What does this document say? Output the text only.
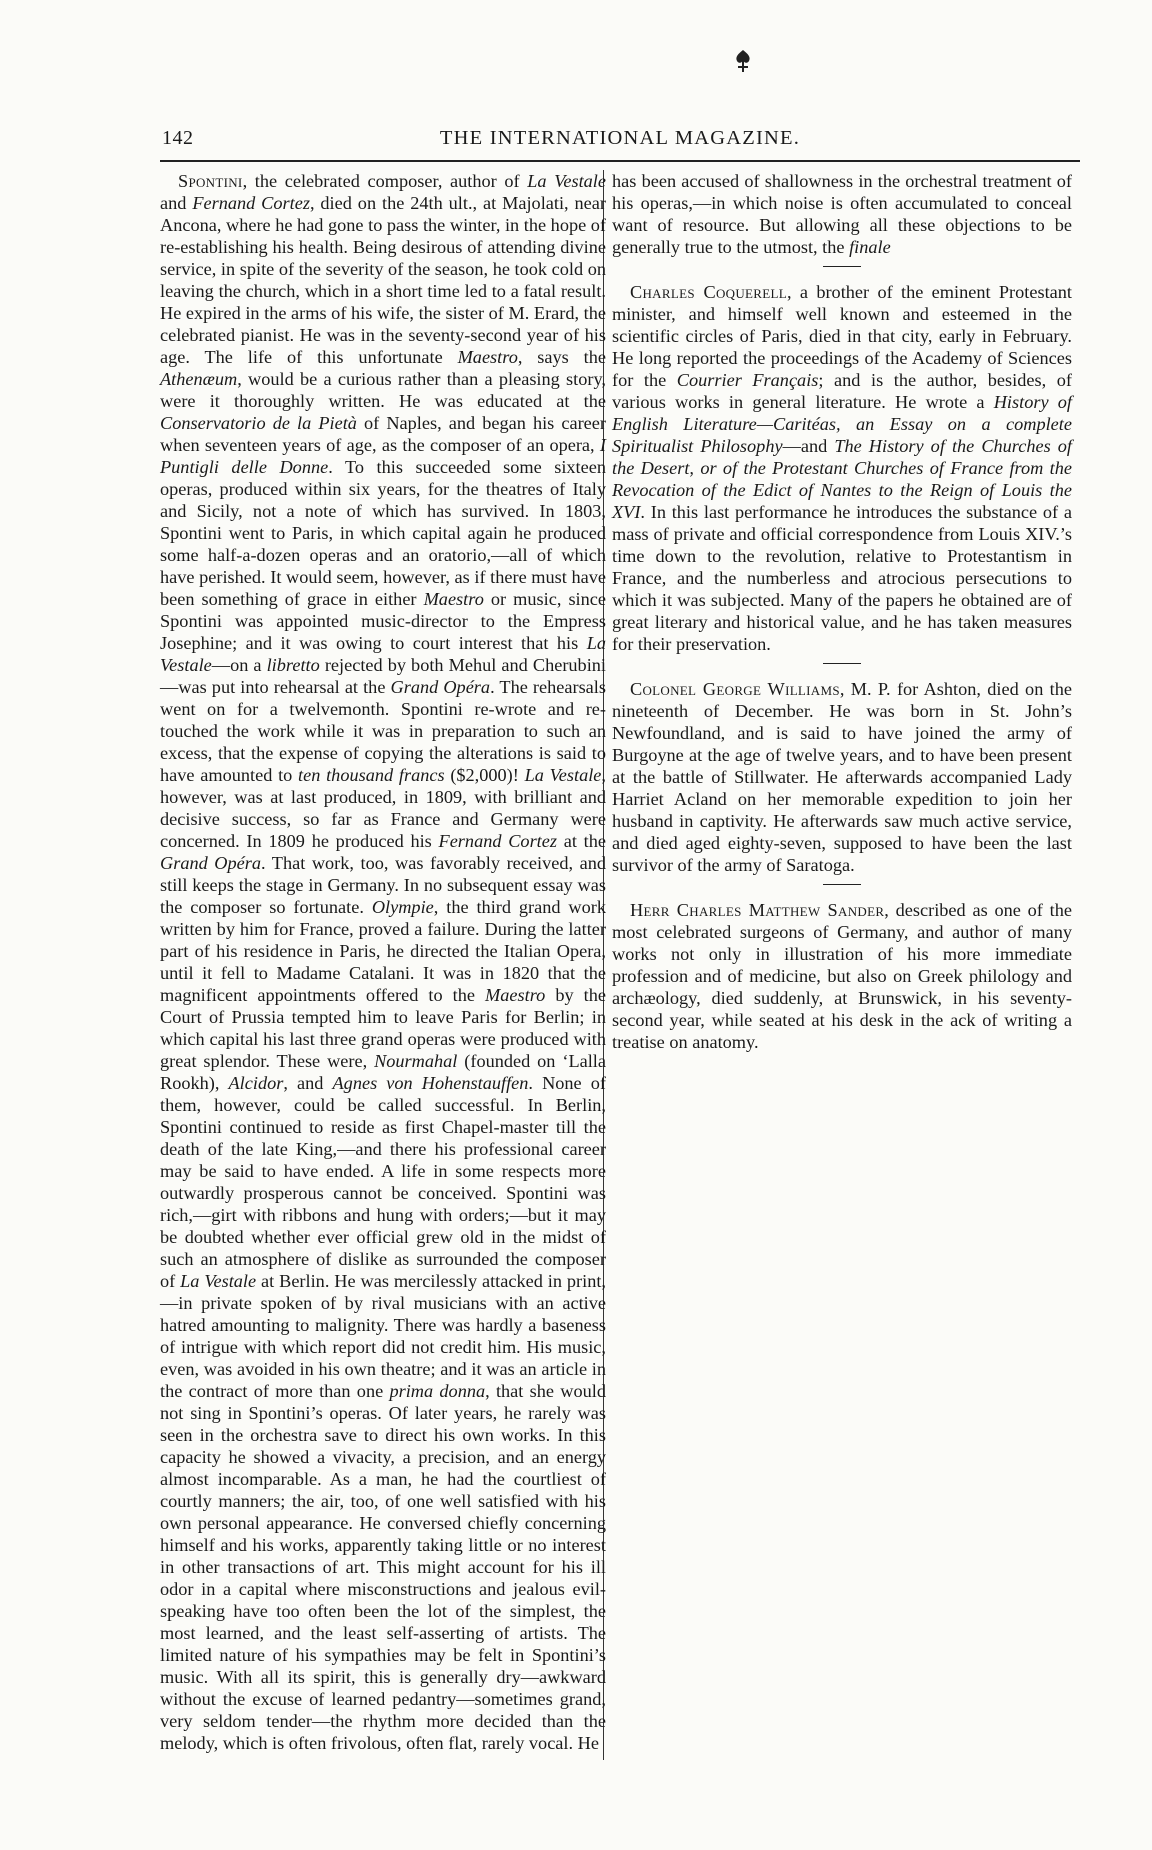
142	THE INTERNATIONAL MAGAZINE.

Spontini, the celebrated composer, author of La Vestale and Fernand Cortez, died on the 24th ult., at Majolati, near Ancona, where he had gone to pass the winter, in the hope of re-establishing his health. Being desirous of attending divine service, in spite of the severity of the season, he took cold on leaving the church, which in a short time led to a fatal result. He expired in the arms of his wife, the sister of M. Erard, the celebrated pianist. He was in the seventy-second year of his age. The life of this unfortunate Maestro, says the Athenæum, would be a curious rather than a pleasing story, were it thoroughly written. He was educated at the Conservatorio de la Pietà of Naples, and began his career when seventeen years of age, as the composer of an opera, I Puntigli delle Donne. To this succeeded some sixteen operas, produced within six years, for the theatres of Italy and Sicily, not a note of which has survived. In 1803, Spontini went to Paris, in which capital again he produced some half-a-dozen operas and an oratorio,—all of which have perished. It would seem, however, as if there must have been something of grace in either Maestro or music, since Spontini was appointed music-director to the Empress Josephine; and it was owing to court interest that his La Vestale—on a libretto rejected by both Mehul and Cherubini—was put into rehearsal at the Grand Opéra. The rehearsals went on for a twelvemonth. Spontini re-wrote and re-touched the work while it was in preparation to such an excess, that the expense of copying the alterations is said to have amounted to ten thousand francs ($2,000)! La Vestale, however, was at last produced, in 1809, with brilliant and decisive success, so far as France and Germany were concerned. In 1809 he produced his Fernand Cortez at the Grand Opéra. That work, too, was favorably received, and still keeps the stage in Germany. In no subsequent essay was the composer so fortunate. Olympie, the third grand work written by him for France, proved a failure. During the latter part of his residence in Paris, he directed the Italian Opera, until it fell to Madame Catalani. It was in 1820 that the magnificent appointments offered to the Maestro by the Court of Prussia tempted him to leave Paris for Berlin; in which capital his last three grand operas were produced with great splendor. These were, Nourmahal (founded on ‘Lalla Rookh), Alcidor, and Agnes von Hohenstauffen. None of them, however, could be called successful. In Berlin, Spontini continued to reside as first Chapel-master till the death of the late King,—and there his professional career may be said to have ended. A life in some respects more outwardly prosperous cannot be conceived. Spontini was rich,—girt with ribbons and hung with orders;—but it may be doubted whether ever official grew old in the midst of such an atmosphere of dislike as surrounded the composer of La Vestale at Berlin. He was mercilessly attacked in print,—in private spoken of by rival musicians with an active hatred amounting to malignity. There was hardly a baseness of intrigue with which report did not credit him. His music, even, was avoided in his own theatre; and it was an article in the contract of more than one prima donna, that she would not sing in Spontini’s operas. Of later years, he rarely was seen in the orchestra save to direct his own works. In this capacity he showed a vivacity, a precision, and an energy almost incomparable. As a man, he had the courtliest of courtly manners; the air, too, of one well satisfied with his own personal appearance. He conversed chiefly concerning himself and his works, apparently taking little or no interest in other transactions of art. This might account for his ill odor in a capital where misconstructions and jealous evil-speaking have too often been the lot of the simplest, the most learned, and the least self-asserting of artists. The limited nature of his sympathies may be felt in Spontini’s music. With all its spirit, this is generally dry—awkward without the excuse of learned pedantry—sometimes grand, very seldom tender—the rhythm more decided than the melody, which is often frivolous, often flat, rarely vocal. He

has been accused of shallowness in the orchestral treatment of his operas,—in which noise is often accumulated to conceal want of resource. But allowing all these objections to be generally true to the utmost, the finale

Charles Coquerell, a brother of the eminent Protestant minister, and himself well known and esteemed in the scientific circles of Paris, died in that city, early in February. He long reported the proceedings of the Academy of Sciences for the Courrier Français; and is the author, besides, of various works in general literature. He wrote a History of English Literature—Caritéas, an Essay on a complete Spiritualist Philosophy—and The History of the Churches of the Desert, or of the Protestant Churches of France from the Revocation of the Edict of Nantes to the Reign of Louis the XVI. In this last performance he introduces the substance of a mass of private and official correspondence from Louis XIV.’s time down to the revolution, relative to Protestantism in France, and the numberless and atrocious persecutions to which it was subjected. Many of the papers he obtained are of great literary and historical value, and he has taken measures for their preservation.

Colonel George Williams, M. P. for Ashton, died on the nineteenth of December. He was born in St. John’s Newfoundland, and is said to have joined the army of Burgoyne at the age of twelve years, and to have been present at the battle of Stillwater. He afterwards accompanied Lady Harriet Acland on her memorable expedition to join her husband in captivity. He afterwards saw much active service, and died aged eighty-seven, supposed to have been the last survivor of the army of Saratoga.

Herr Charles Matthew Sander, described as one of the most celebrated surgeons of Germany, and author of many works not only in illustration of his more immediate profession and of medicine, but also on Greek philology and archæology, died suddenly, at Brunswick, in his seventy-second year, while seated at his desk in the ack of writing a treatise on anatomy.
